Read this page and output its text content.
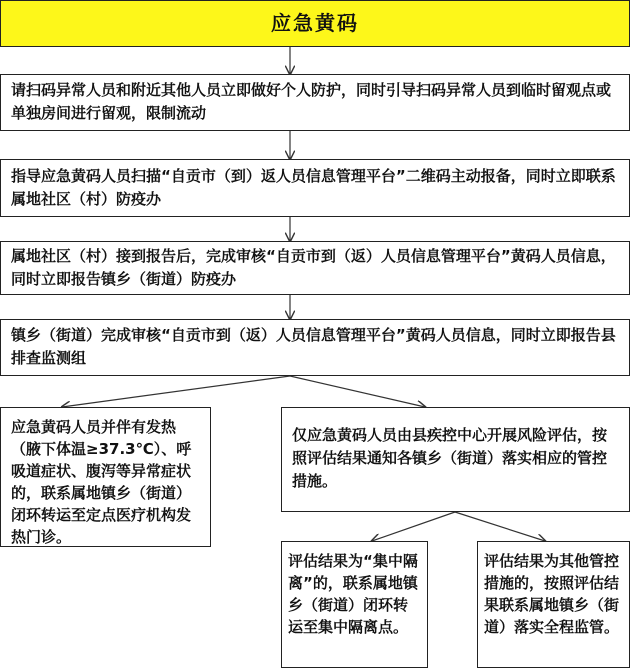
应急黄码
请扫码异常人员和附近其他人员立即做好个人防护，同时引导扫码异常人员到临时留观点或单独房间进行留观，限制流动
指导应急黄码人员扫描“自贡市（到）返人员信息管理平台”二维码主动报备，同时立即联系属地社区（村）防疫办
属地社区（村）接到报告后，完成审核“自贡市到（返）人员信息管理平台”黄码人员信息，同时立即报告镇乡（街道）防疫办
镇乡（街道）完成审核“自贡市到（返）人员信息管理平台”黄码人员信息，同时立即报告县排查监测组
应急黄码人员并伴有发热（腋下体温≥37.3℃）、呼吸道症状、腹泻等异常症状的，联系属地镇乡（街道）闭环转运至定点医疗机构发热门诊。
仅应急黄码人员由县疾控中心开展风险评估，按照评估结果通知各镇乡（街道）落实相应的管控措施。
评估结果为“集中隔离”的，联系属地镇乡（街道）闭环转运至集中隔离点。
评估结果为其他管控措施的，按照评估结果联系属地镇乡（街道）落实全程监管。
